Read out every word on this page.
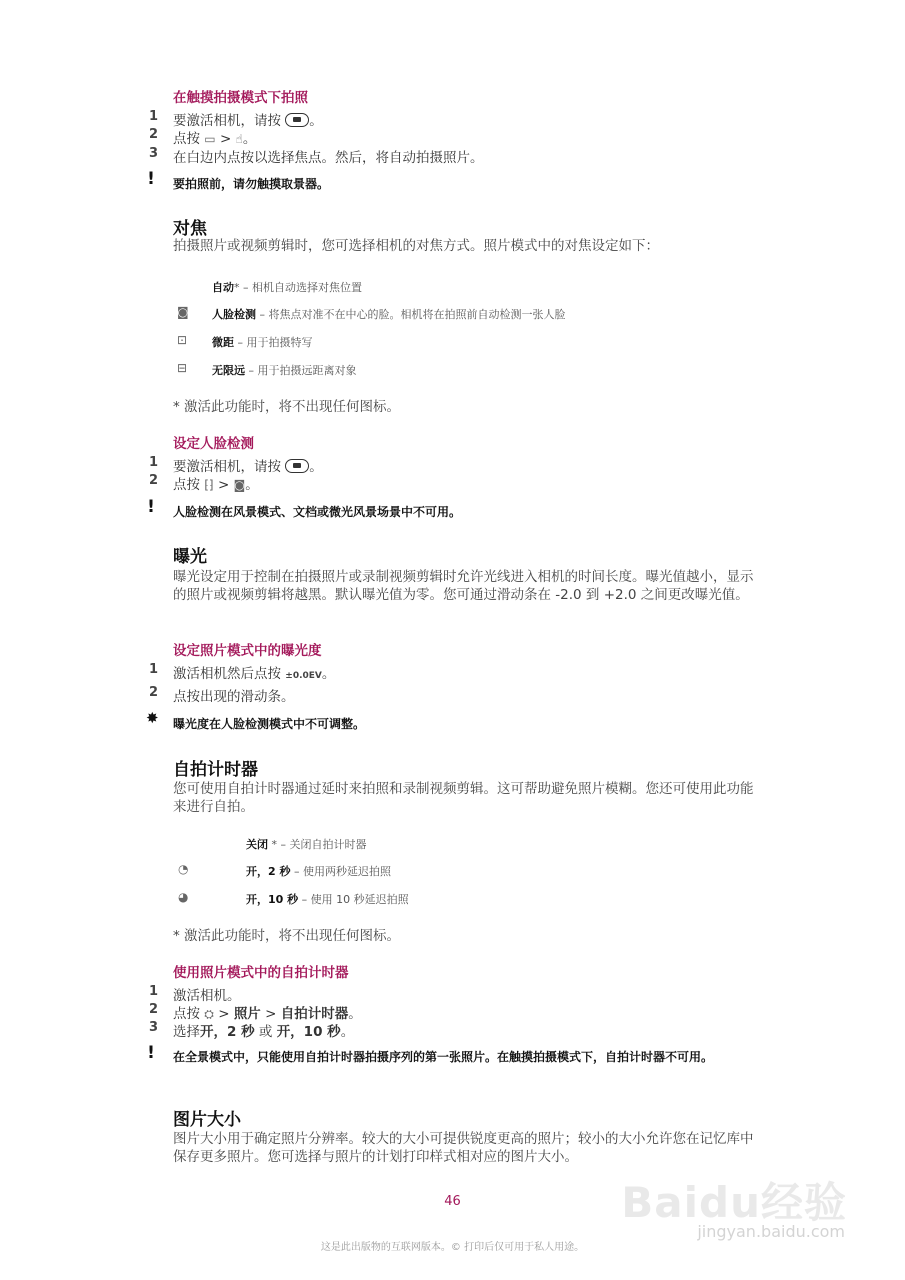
在触摸拍摄模式下拍照
1 要激活相机，请按 。
2 点按 ▭ > ☝。
3 在白边内点按以选择焦点。然后，将自动拍摄照片。
! 要拍照前，请勿触摸取景器。
对焦
拍摄照片或视频剪辑时，您可选择相机的对焦方式。照片模式中的对焦设定如下：
自动* – 相机自动选择对焦位置
◙ 人脸检测 – 将焦点对准不在中心的脸。相机将在拍照前自动检测一张人脸
⊡ 微距 – 用于拍摄特写
⊟ 无限远 – 用于拍摄远距离对象
* 激活此功能时，将不出现任何图标。
设定人脸检测
1 要激活相机，请按 。
2 点按 ⁅⁆ > ◙。
! 人脸检测在风景模式、文档或微光风景场景中不可用。
曝光
曝光设定用于控制在拍摄照片或录制视频剪辑时允许光线进入相机的时间长度。曝光值越小，显示的照片或视频剪辑将越黑。默认曝光值为零。您可通过滑动条在 -2.0 到 +2.0 之间更改曝光值。
设定照片模式中的曝光度
1 激活相机然后点按 ±0.0EV。
2 点按出现的滑动条。
✸ 曝光度在人脸检测模式中不可调整。
自拍计时器
您可使用自拍计时器通过延时来拍照和录制视频剪辑。这可帮助避免照片模糊。您还可使用此功能来进行自拍。
关闭 * – 关闭自拍计时器
◔	开，2 秒 – 使用两秒延迟拍照
◕	开，10 秒 – 使用 10 秒延迟拍照
* 激活此功能时，将不出现任何图标。
使用照片模式中的自拍计时器
1 激活相机。
2 点按 ⛭ > 照片 > 自拍计时器。
3 选择开，2 秒 或 开，10 秒。
! 在全景模式中，只能使用自拍计时器拍摄序列的第一张照片。在触摸拍摄模式下，自拍计时器不可用。
图片大小
图片大小用于确定照片分辨率。较大的大小可提供锐度更高的照片；较小的大小允许您在记忆库中保存更多照片。您可选择与照片的计划打印样式相对应的图片大小。
Baidu经验
jingyan.baidu.com
46
这是此出版物的互联网版本。© 打印后仅可用于私人用途。
